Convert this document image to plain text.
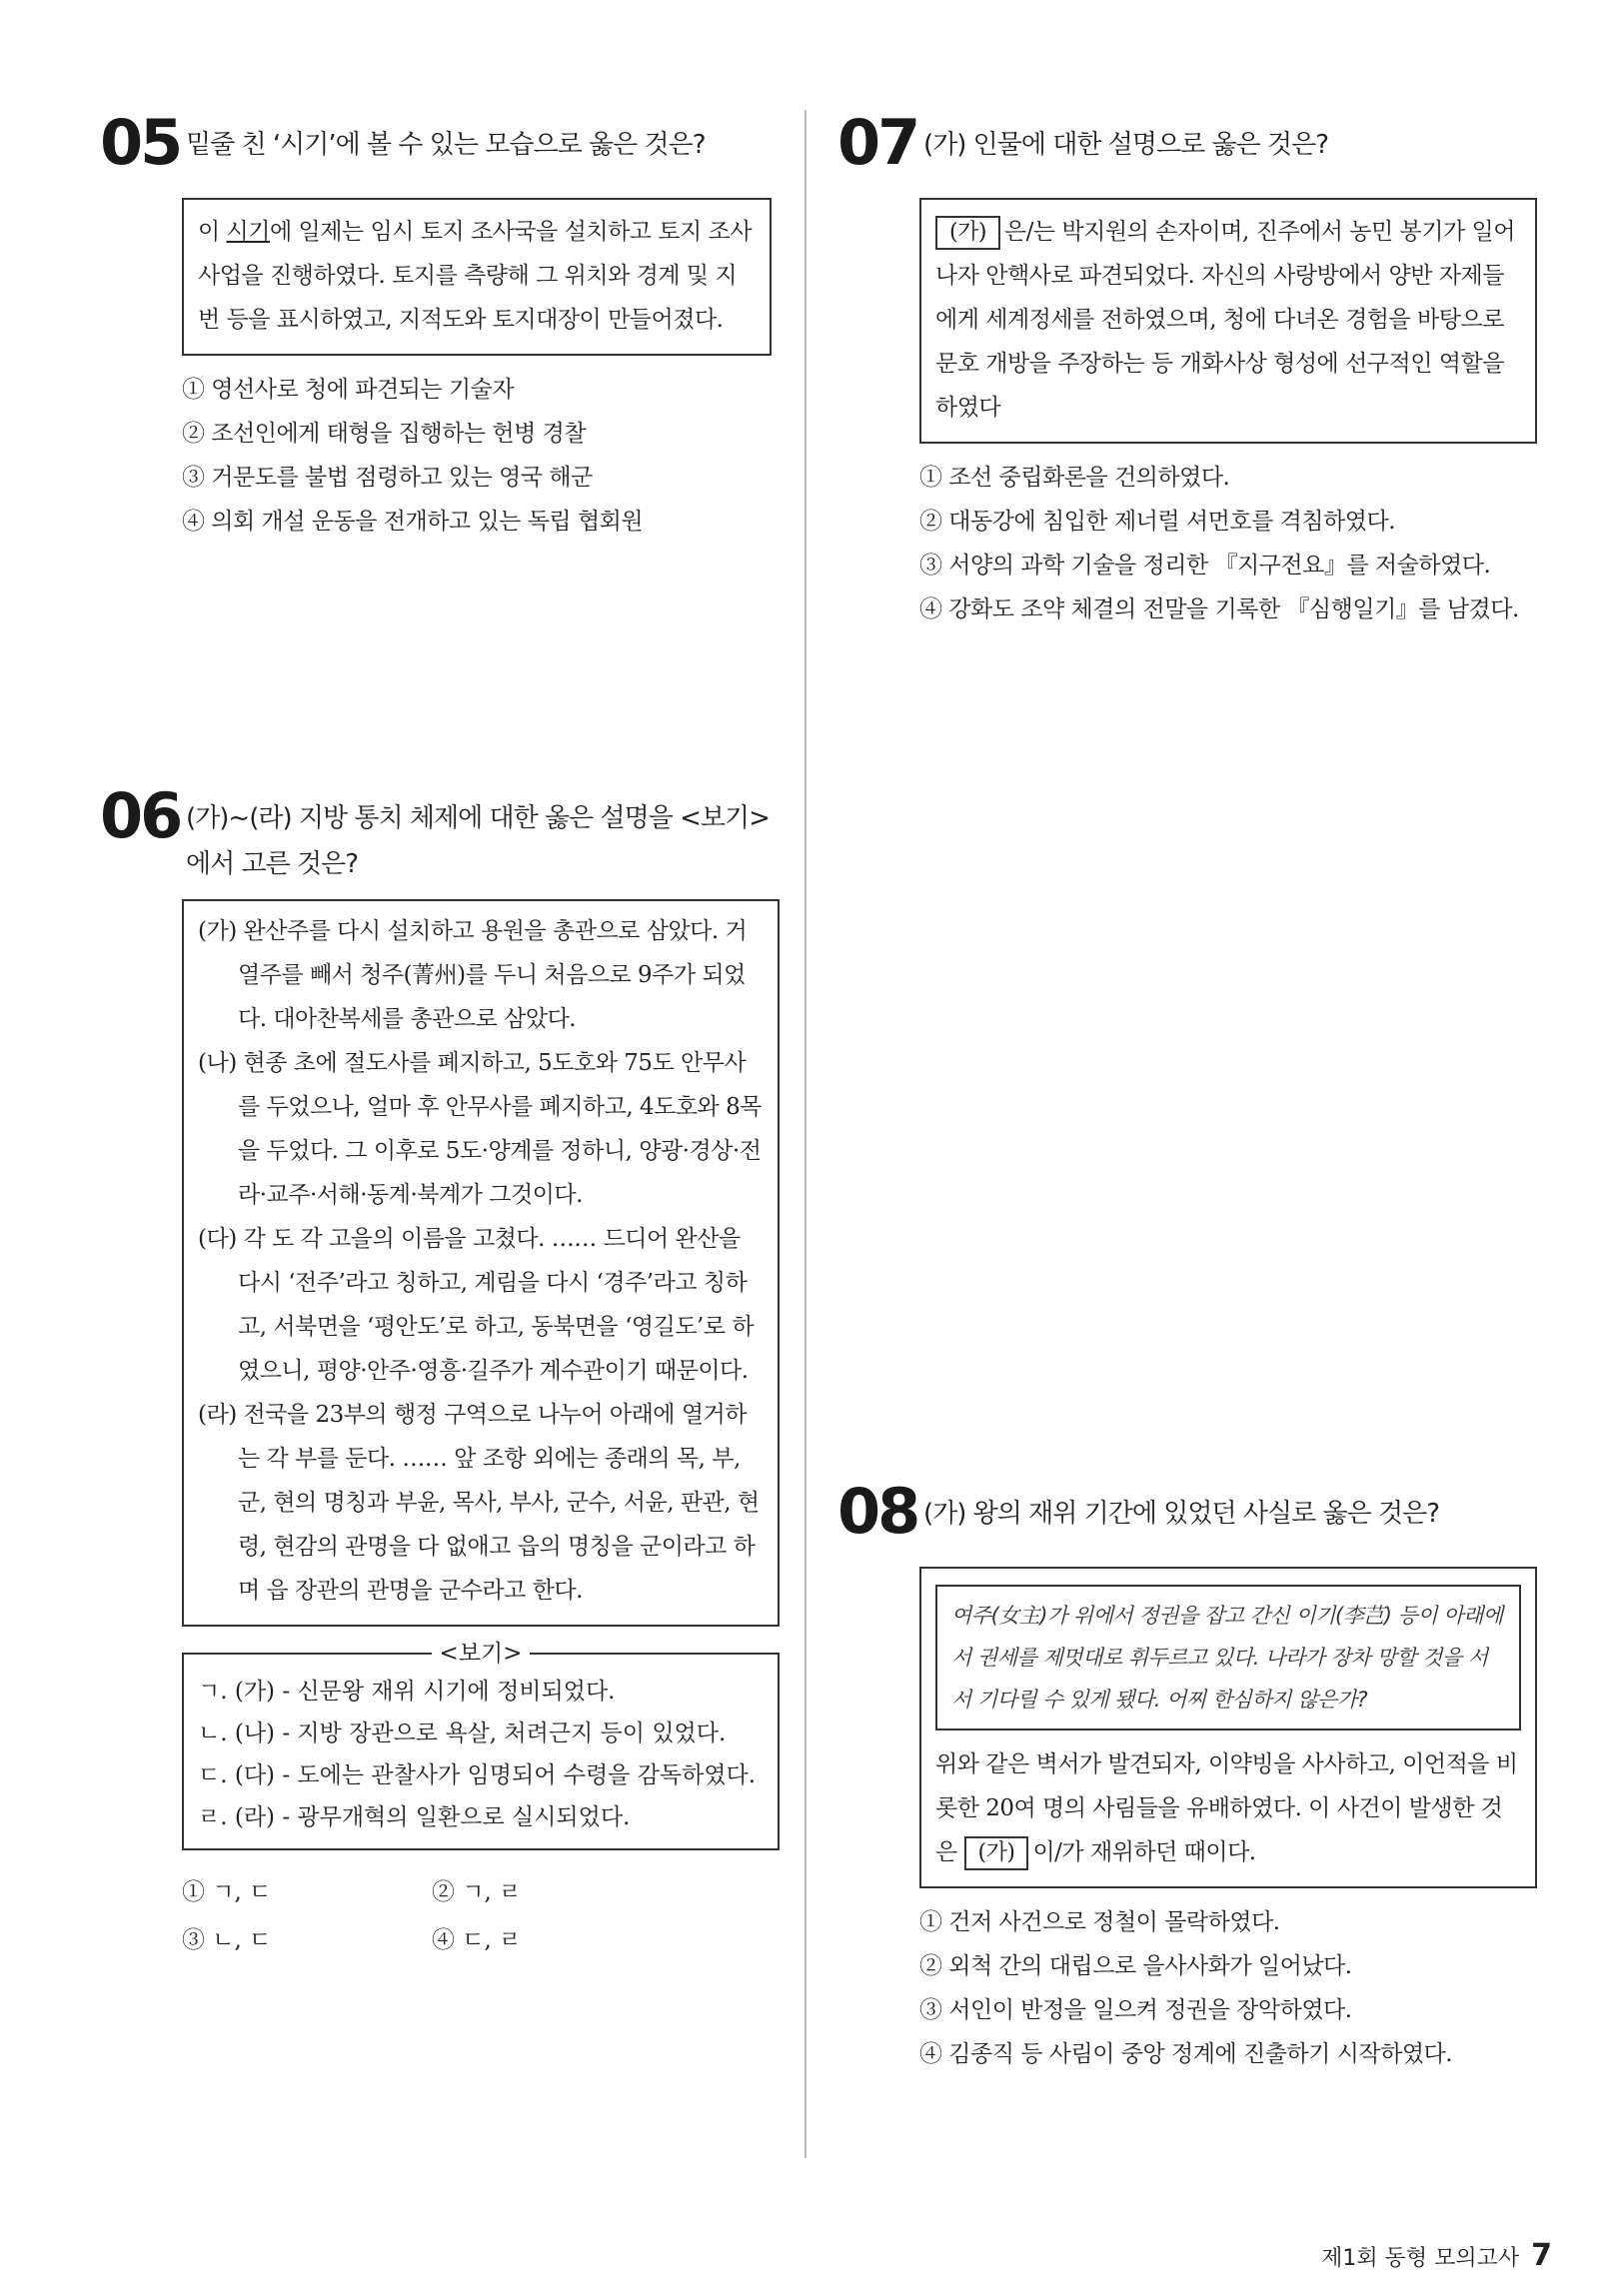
05 밑줄 친 ‘시기’에 볼 수 있는 모습으로 옳은 것은?

이 시기에 일제는 임시 토지 조사국을 설치하고 토지 조사 사업을 진행하였다. 토지를 측량해 그 위치와 경계 및 지번 등을 표시하였고, 지적도와 토지대장이 만들어졌다.

① 영선사로 청에 파견되는 기술자
② 조선인에게 태형을 집행하는 헌병 경찰
③ 거문도를 불법 점령하고 있는 영국 해군
④ 의회 개설 운동을 전개하고 있는 독립 협회원
06 (가)~(라) 지방 통치 체제에 대한 옳은 설명을 <보기>
에서 고른 것은?
(가) 완산주를 다시 설치하고 용원을 총관으로 삼았다. 거열주를 빼서 청주(菁州)를 두니 처음으로 9주가 되었다. 대아찬복세를 총관으로 삼았다.
(나) 현종 초에 절도사를 폐지하고, 5도호와 75도 안무사를 두었으나, 얼마 후 안무사를 폐지하고, 4도호와 8목을 두었다. 그 이후로 5도·양계를 정하니, 양광·경상·전라·교주·서해·동계·북계가 그것이다.
(다) 각 도 각 고을의 이름을 고쳤다. …… 드디어 완산을 다시 ‘전주’라고 칭하고, 계림을 다시 ‘경주’라고 칭하고, 서북면을 ‘평안도’로 하고, 동북면을 ‘영길도’로 하였으니, 평양·안주·영흥·길주가 계수관이기 때문이다.
(라) 전국을 23부의 행정 구역으로 나누어 아래에 열거하는 각 부를 둔다. …… 앞 조항 외에는 종래의 목, 부, 군, 현의 명칭과 부윤, 목사, 부사, 군수, 서윤, 판관, 현령, 현감의 관명을 다 없애고 읍의 명칭을 군이라고 하며 읍 장관의 관명을 군수라고 한다.
<보기>
ㄱ. (가) - 신문왕 재위 시기에 정비되었다.
ㄴ. (나) - 지방 장관으로 욕살, 처려근지 등이 있었다.
ㄷ. (다) - 도에는 관찰사가 임명되어 수령을 감독하였다.
ㄹ. (라) - 광무개혁의 일환으로 실시되었다.
① ㄱ, ㄷ	② ㄱ, ㄹ
③ ㄴ, ㄷ	④ ㄷ, ㄹ
07 (가) 인물에 대한 설명으로 옳은 것은?

(가) 은/는 박지원의 손자이며, 진주에서 농민 봉기가 일어나자 안핵사로 파견되었다. 자신의 사랑방에서 양반 자제들에게 세계정세를 전하였으며, 청에 다녀온 경험을 바탕으로 문호 개방을 주장하는 등 개화사상 형성에 선구적인 역할을 하였다

① 조선 중립화론을 건의하였다.
② 대동강에 침입한 제너럴 셔먼호를 격침하였다.
③ 서양의 과학 기술을 정리한 『지구전요』를 저술하였다.
④ 강화도 조약 체결의 전말을 기록한 『심행일기』를 남겼다.
08 (가) 왕의 재위 기간에 있었던 사실로 옳은 것은?
여주(女主)가 위에서 정권을 잡고 간신 이기(李芑) 등이 아래에서 권세를 제멋대로 휘두르고 있다. 나라가 장차 망할 것을 서서 기다릴 수 있게 됐다. 어찌 한심하지 않은가?

위와 같은 벽서가 발견되자, 이약빙을 사사하고, 이언적을 비롯한 20여 명의 사림들을 유배하였다. 이 사건이 발생한 것은 (가) 이/가 재위하던 때이다.

① 건저 사건으로 정철이 몰락하였다.
② 외척 간의 대립으로 을사사화가 일어났다.
③ 서인이 반정을 일으켜 정권을 장악하였다.
④ 김종직 등 사림이 중앙 정계에 진출하기 시작하였다.
제1회 동형 모의고사 7
